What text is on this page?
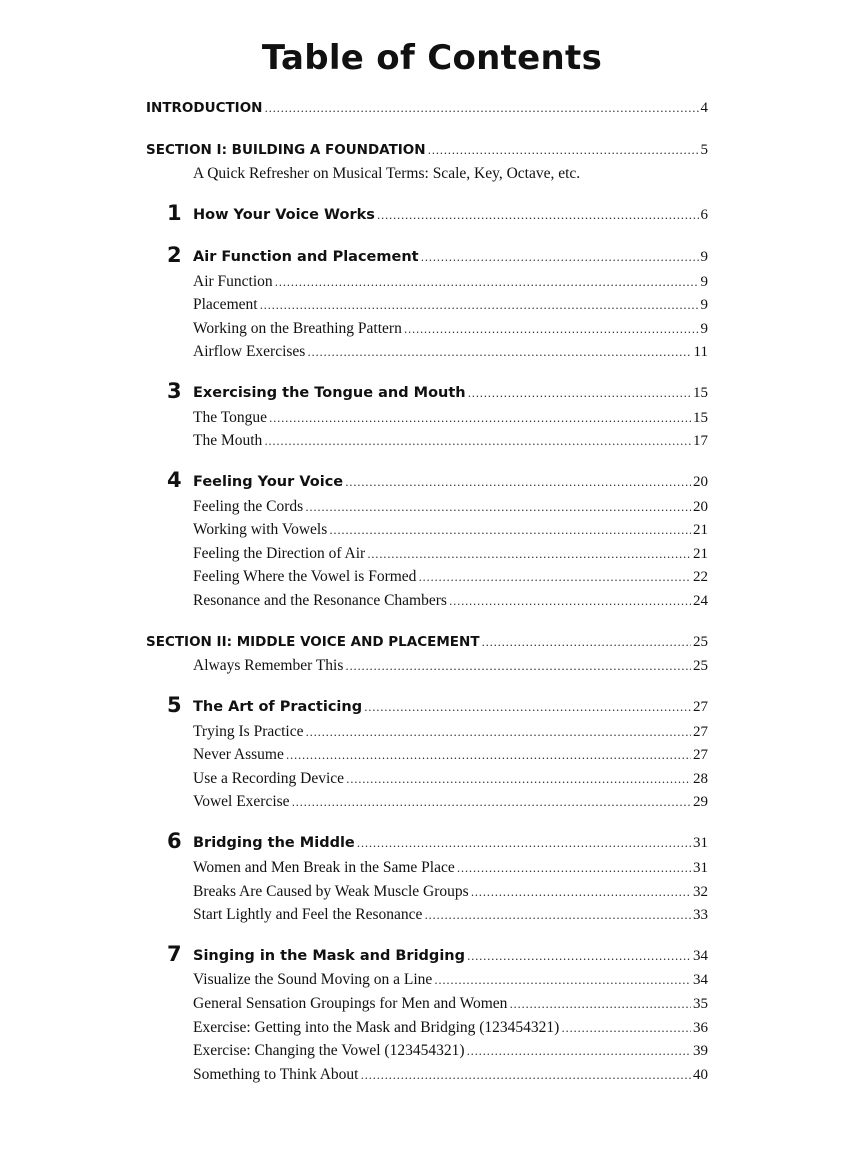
Table of Contents
INTRODUCTION .....	4
SECTION I: BUILDING A FOUNDATION .....	5
A Quick Refresher on Musical Terms: Scale, Key, Octave, etc.
1 How Your Voice Works .....	6
2 Air Function and Placement .....	9
Air Function .....	9
Placement .....	9
Working on the Breathing Pattern .....	9
Airflow Exercises .....	11
3 Exercising the Tongue and Mouth .....	15
The Tongue .....	15
The Mouth .....	17
4 Feeling Your Voice .....	20
Feeling the Cords .....	20
Working with Vowels .....	21
Feeling the Direction of Air .....	21
Feeling Where the Vowel is Formed .....	22
Resonance and the Resonance Chambers .....	24
SECTION II: MIDDLE VOICE AND PLACEMENT .....	25
Always Remember This .....	25
5 The Art of Practicing .....	27
Trying Is Practice .....	27
Never Assume .....	27
Use a Recording Device .....	28
Vowel Exercise .....	29
6 Bridging the Middle .....	31
Women and Men Break in the Same Place .....	31
Breaks Are Caused by Weak Muscle Groups .....	32
Start Lightly and Feel the Resonance .....	33
7 Singing in the Mask and Bridging .....	34
Visualize the Sound Moving on a Line .....	34
General Sensation Groupings for Men and Women .....	35
Exercise: Getting into the Mask and Bridging (123454321) .....	36
Exercise: Changing the Vowel (123454321) .....	39
Something to Think About .....	40
